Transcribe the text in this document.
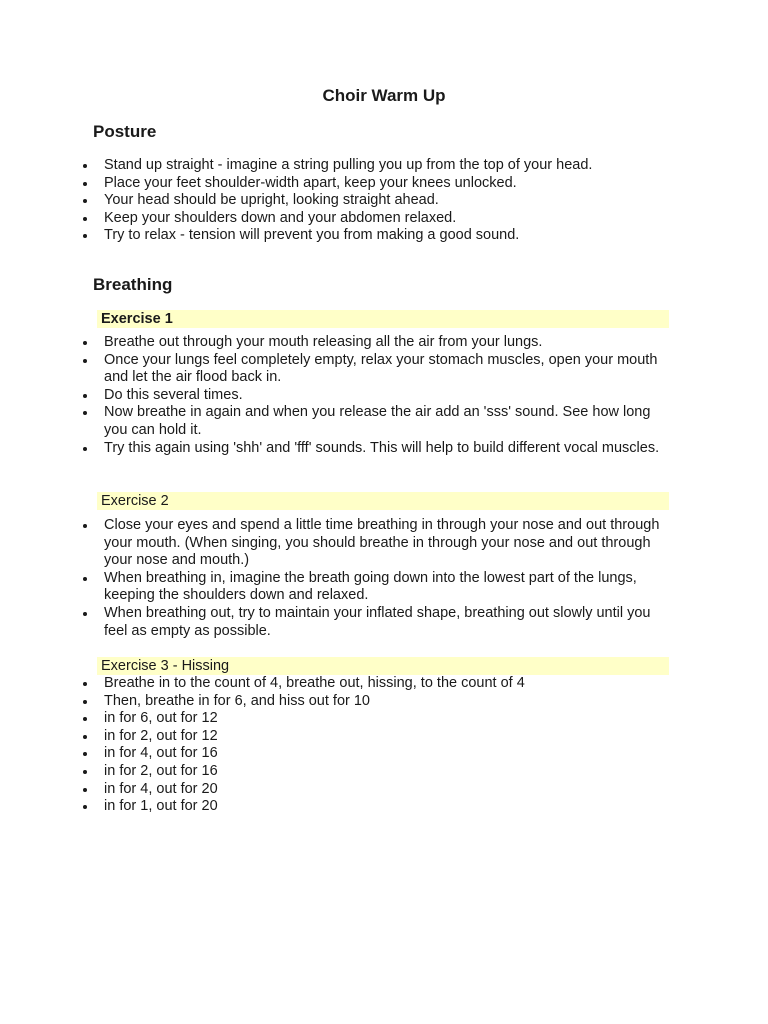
Choir Warm Up
Posture
Stand up straight - imagine a string pulling you up from the top of your head.
Place your feet shoulder-width apart, keep your knees unlocked.
Your head should be upright, looking straight ahead.
Keep your shoulders down and your abdomen relaxed.
Try to relax - tension will prevent you from making a good sound.
Breathing
Exercise 1
Breathe out through your mouth releasing all the air from your lungs.
Once your lungs feel completely empty, relax your stomach muscles, open your mouth and let the air flood back in.
Do this several times.
Now breathe in again and when you release the air add an 'sss' sound. See how long you can hold it.
Try this again using 'shh' and 'fff' sounds. This will help to build different vocal muscles.
Exercise 2
Close your eyes and spend a little time breathing in through your nose and out through your mouth. (When singing, you should breathe in through your nose and out through your nose and mouth.)
When breathing in, imagine the breath going down into the lowest part of the lungs, keeping the shoulders down and relaxed.
When breathing out, try to maintain your inflated shape, breathing out slowly until you feel as empty as possible.
Exercise 3 - Hissing
Breathe in to the count of 4, breathe out, hissing, to the count of 4
Then, breathe in for 6, and hiss out for 10
in for 6, out for 12
in for 2, out for 12
in for 4, out for 16
in for 2, out for 16
in for 4, out for 20
in for 1, out for 20
